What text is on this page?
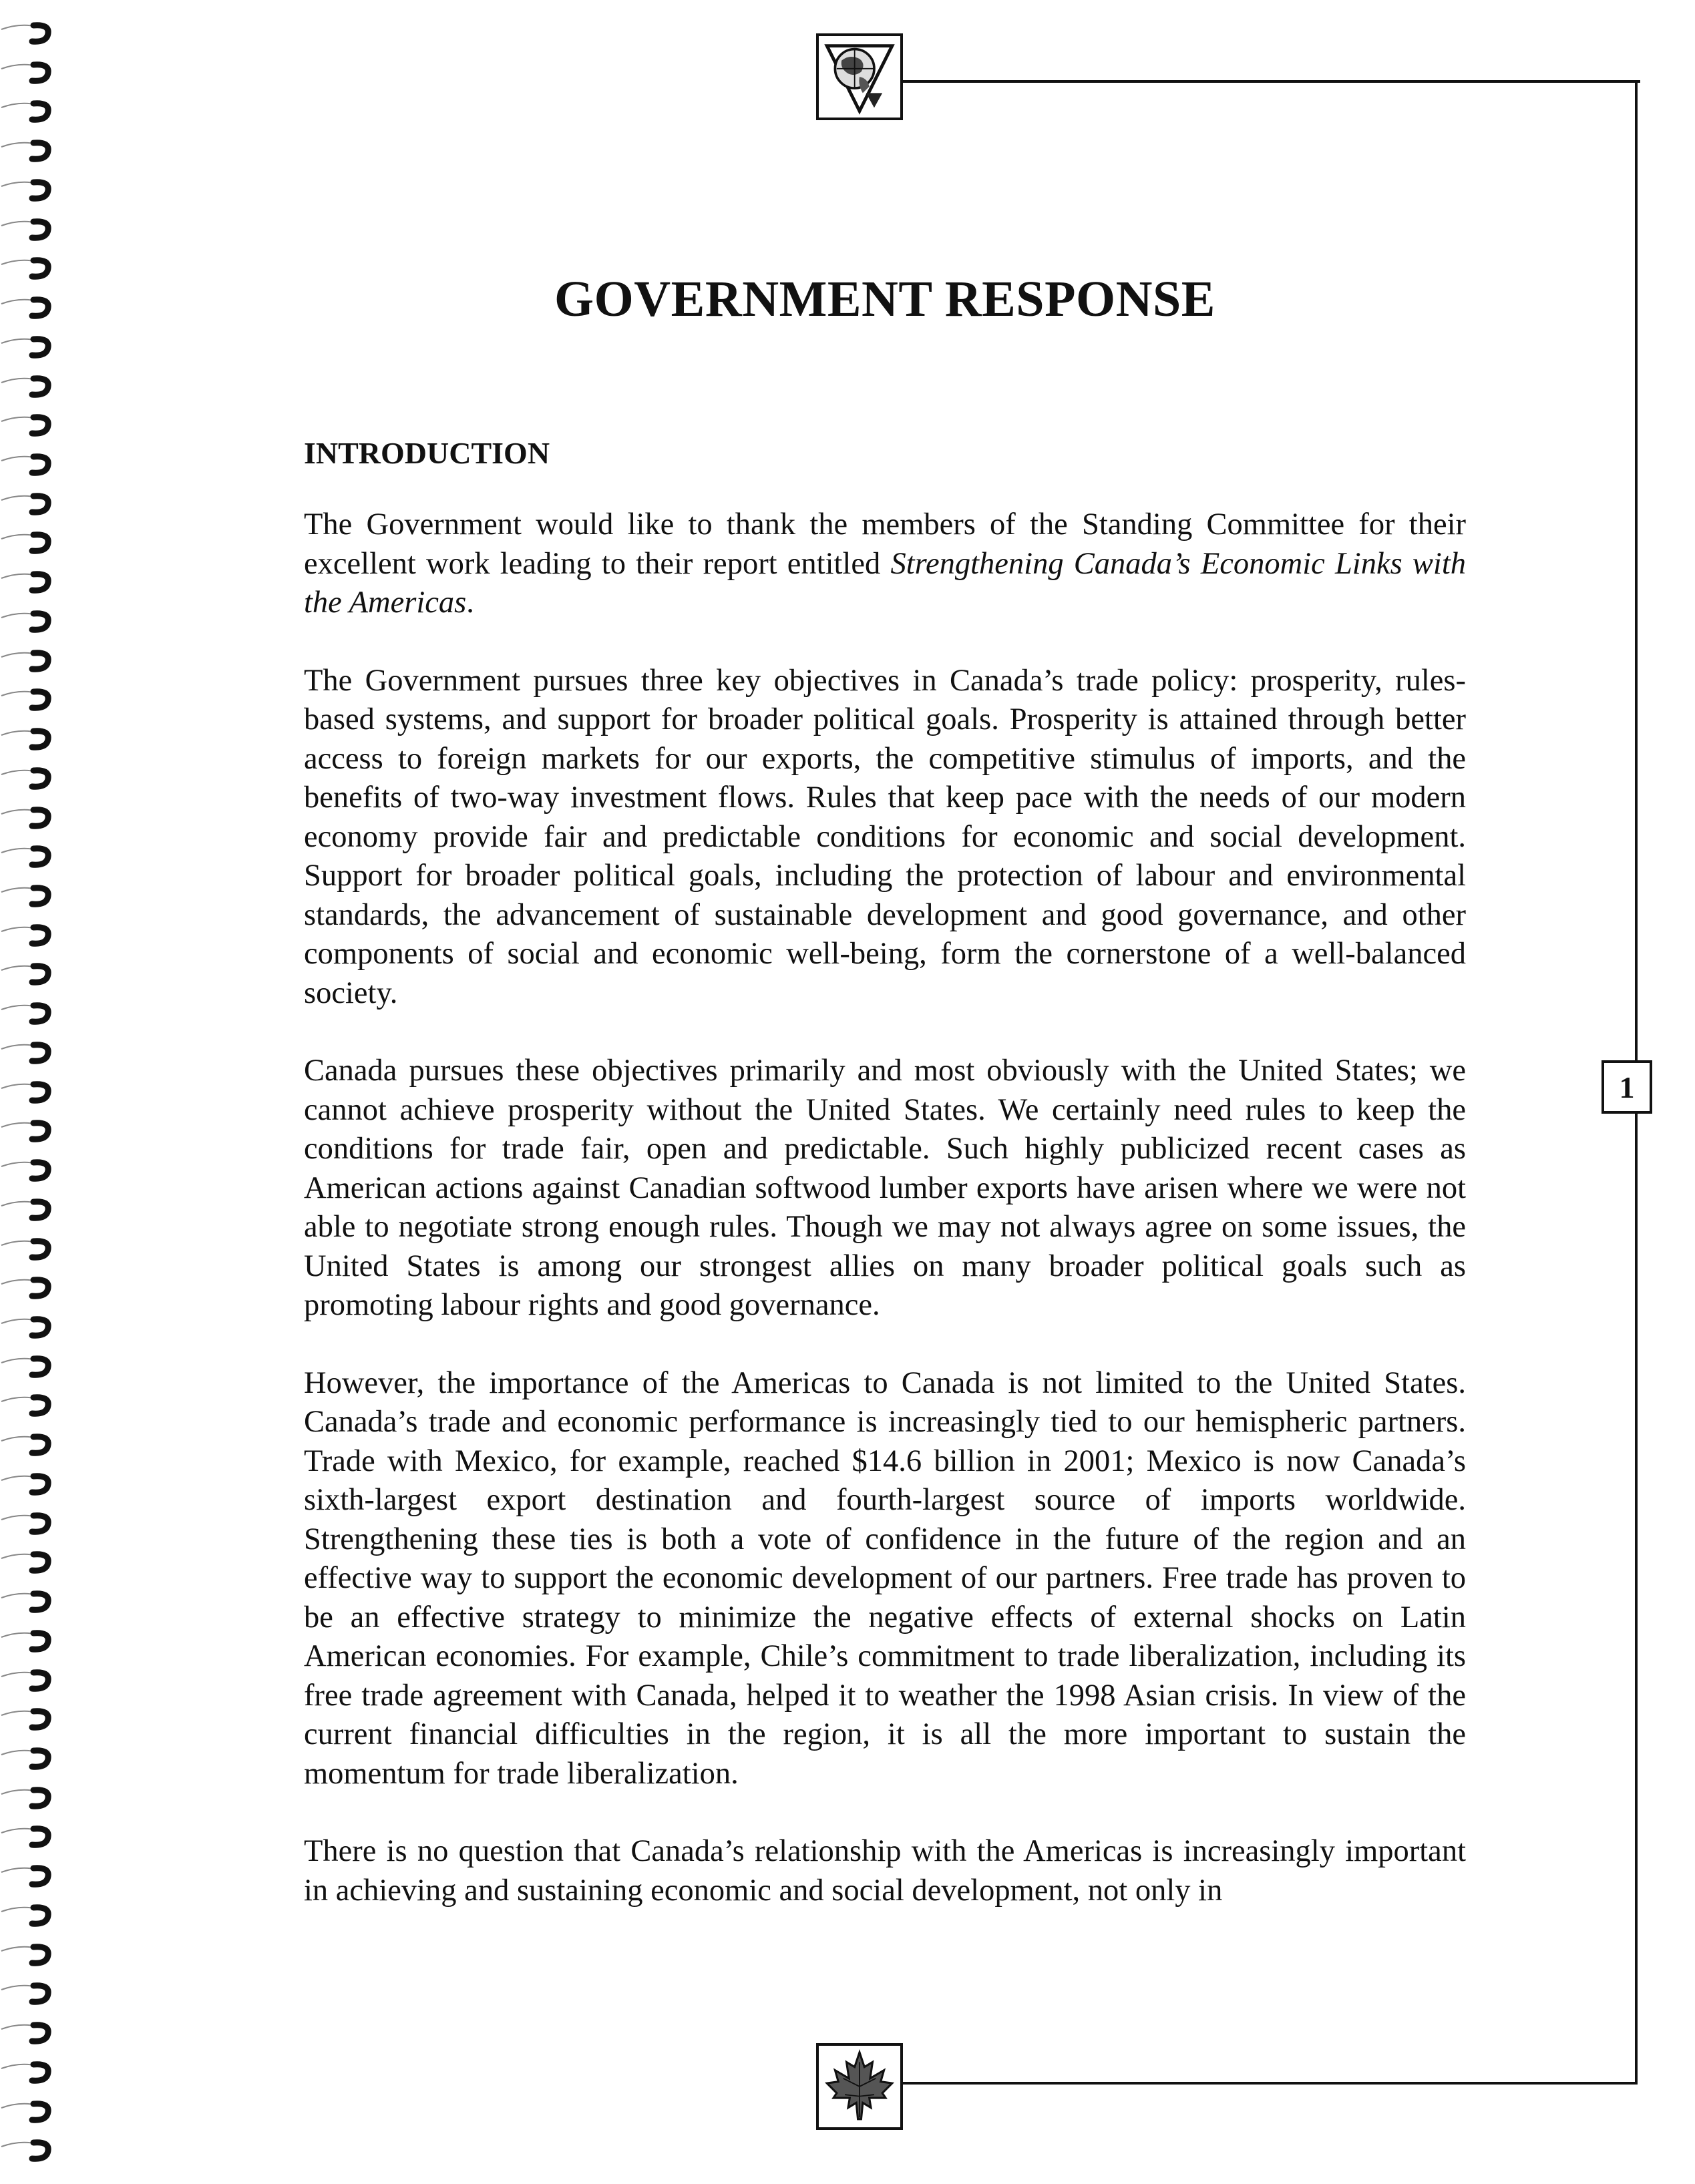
1
GOVERNMENT RESPONSE
INTRODUCTION

The Government would like to thank the members of the Standing Committee for their excellent work leading to their report entitled Strengthening Canada’s Economic Links with the Americas.

The Government pursues three key objectives in Canada’s trade policy: prosperity, rules-based systems, and support for broader political goals. Prosperity is attained through better access to foreign markets for our exports, the competitive stimulus of imports, and the benefits of two-way investment flows. Rules that keep pace with the needs of our modern economy provide fair and predictable conditions for economic and social development. Support for broader political goals, including the protection of labour and environmental standards, the advancement of sustainable development and good governance, and other components of social and economic well-being, form the cornerstone of a well-balanced society.

Canada pursues these objectives primarily and most obviously with the United States; we cannot achieve prosperity without the United States. We certainly need rules to keep the conditions for trade fair, open and predictable. Such highly publicized recent cases as American actions against Canadian softwood lumber exports have arisen where we were not able to negotiate strong enough rules. Though we may not always agree on some issues, the United States is among our strongest allies on many broader political goals such as promoting labour rights and good governance.

However, the importance of the Americas to Canada is not limited to the United States. Canada’s trade and economic performance is increasingly tied to our hemispheric partners. Trade with Mexico, for example, reached $14.6 billion in 2001; Mexico is now Canada’s sixth-largest export destination and fourth-largest source of imports worldwide. Strengthening these ties is both a vote of confidence in the future of the region and an effective way to support the economic development of our partners. Free trade has proven to be an effective strategy to minimize the negative effects of external shocks on Latin American economies. For example, Chile’s commitment to trade liberalization, including its free trade agreement with Canada, helped it to weather the 1998 Asian crisis. In view of the current financial difficulties in the region, it is all the more important to sustain the momentum for trade liberalization.

There is no question that Canada’s relationship with the Americas is increasingly important in achieving and sustaining economic and social development, not only in
